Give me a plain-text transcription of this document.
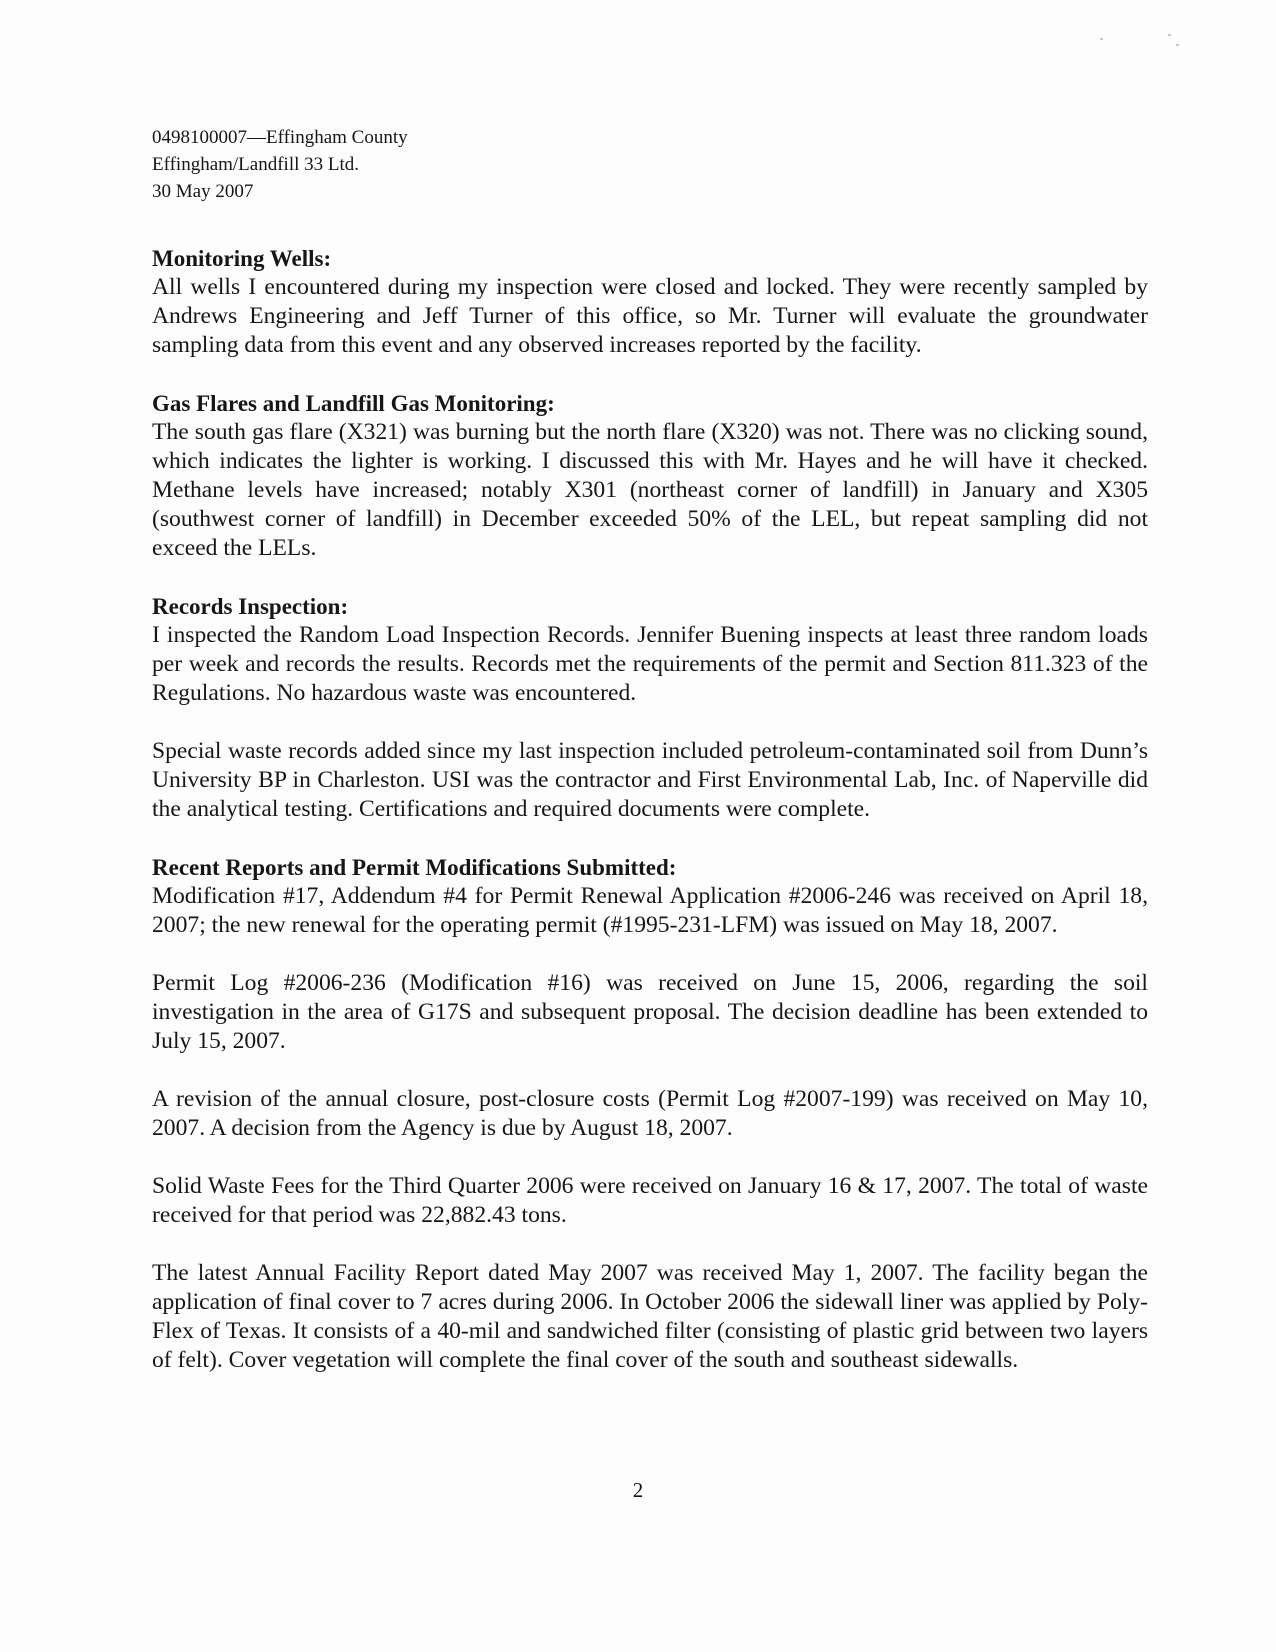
0498100007—Effingham County
Effingham/Landfill 33 Ltd.
30 May 2007

Monitoring Wells:

All wells I encountered during my inspection were closed and locked. They were recently sampled by Andrews Engineering and Jeff Turner of this office, so Mr. Turner will evaluate the groundwater sampling data from this event and any observed increases reported by the facility.

Gas Flares and Landfill Gas Monitoring:

The south gas flare (X321) was burning but the north flare (X320) was not. There was no clicking sound, which indicates the lighter is working. I discussed this with Mr. Hayes and he will have it checked. Methane levels have increased; notably X301 (northeast corner of landfill) in January and X305 (southwest corner of landfill) in December exceeded 50% of the LEL, but repeat sampling did not exceed the LELs.

Records Inspection:

I inspected the Random Load Inspection Records. Jennifer Buening inspects at least three random loads per week and records the results. Records met the requirements of the permit and Section 811.323 of the Regulations. No hazardous waste was encountered.

Special waste records added since my last inspection included petroleum-contaminated soil from Dunn’s University BP in Charleston. USI was the contractor and First Environmental Lab, Inc. of Naperville did the analytical testing. Certifications and required documents were complete.

Recent Reports and Permit Modifications Submitted:

Modification #17, Addendum #4 for Permit Renewal Application #2006-246 was received on April 18, 2007; the new renewal for the operating permit (#1995-231-LFM) was issued on May 18, 2007.

Permit Log #2006-236 (Modification #16) was received on June 15, 2006, regarding the soil investigation in the area of G17S and subsequent proposal. The decision deadline has been extended to July 15, 2007.

A revision of the annual closure, post-closure costs (Permit Log #2007-199) was received on May 10, 2007. A decision from the Agency is due by August 18, 2007.

Solid Waste Fees for the Third Quarter 2006 were received on January 16 & 17, 2007. The total of waste received for that period was 22,882.43 tons.

The latest Annual Facility Report dated May 2007 was received May 1, 2007. The facility began the application of final cover to 7 acres during 2006. In October 2006 the sidewall liner was applied by Poly-Flex of Texas. It consists of a 40-mil and sandwiched filter (consisting of plastic grid between two layers of felt). Cover vegetation will complete the final cover of the south and southeast sidewalls.

2
